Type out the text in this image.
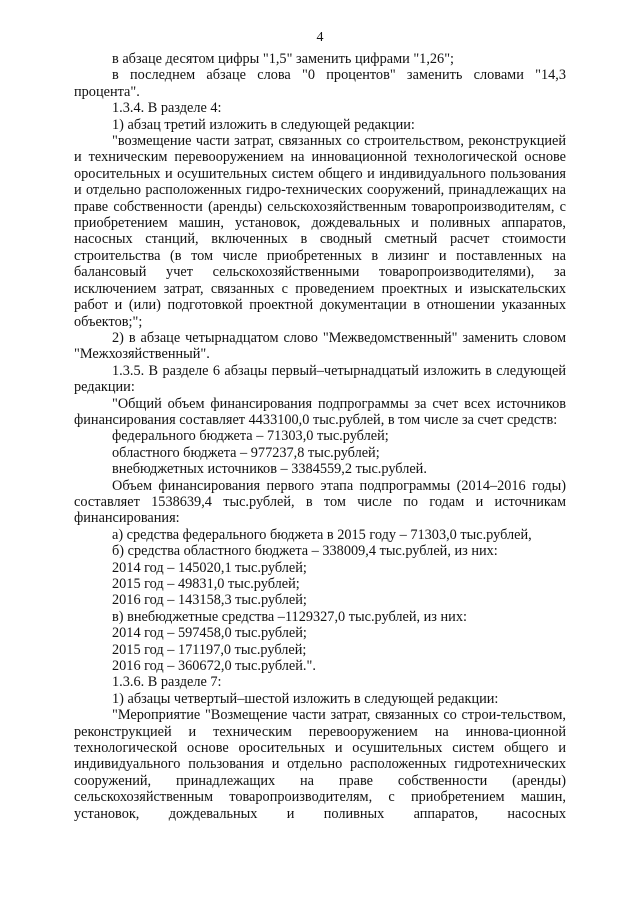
4

в абзаце десятом цифры "1,5" заменить цифрами "1,26";

в последнем абзаце слова "0 процентов" заменить словами "14,3 процента".

1.3.4. В разделе 4:

1) абзац третий изложить в следующей редакции:

"возмещение части затрат, связанных со строительством, реконструкцией и техническим перевооружением на инновационной технологической основе оросительных и осушительных систем общего и индивидуального пользования и отдельно расположенных гидро-технических сооружений, принадлежащих на праве собственности (аренды) сельскохозяйственным товаропроизводителям, с приобретением машин, установок, дождевальных и поливных аппаратов, насосных станций, включенных в сводный сметный расчет стоимости строительства (в том числе приобретенных в лизинг и поставленных на балансовый учет сельскохозяйственными товаропроизводителями), за исключением затрат, связанных с проведением проектных и изыскательских работ и (или) подготовкой проектной документации в отношении указанных объектов;";

2) в абзаце четырнадцатом слово "Межведомственный" заменить словом "Межхозяйственный".

1.3.5. В разделе 6 абзацы первый–четырнадцатый изложить в следующей редакции:

"Общий объем финансирования подпрограммы за счет всех источников финансирования составляет 4433100,0 тыс.рублей, в том числе за счет средств:

федерального бюджета – 71303,0 тыс.рублей;

областного бюджета – 977237,8 тыс.рублей;

внебюджетных источников – 3384559,2 тыс.рублей.

Объем финансирования первого этапа подпрограммы (2014–2016 годы) составляет 1538639,4 тыс.рублей, в том числе по годам и источникам финансирования:

а) средства федерального бюджета в 2015 году – 71303,0 тыс.рублей,

б) средства областного бюджета – 338009,4 тыс.рублей, из них:

2014 год – 145020,1 тыс.рублей;

2015 год – 49831,0 тыс.рублей;

2016 год – 143158,3 тыс.рублей;

в) внебюджетные средства –1129327,0 тыс.рублей, из них:

2014 год – 597458,0 тыс.рублей;

2015 год – 171197,0 тыс.рублей;

2016 год – 360672,0 тыс.рублей.".

1.3.6. В разделе 7:

1) абзацы четвертый–шестой изложить в следующей редакции:

"Мероприятие "Возмещение части затрат, связанных со строи-тельством, реконструкцией и техническим перевооружением на иннова-ционной технологической основе оросительных и осушительных систем общего и индивидуального пользования и отдельно расположенных гидротехнических сооружений, принадлежащих на праве собственности (аренды) сельскохозяйственным товаропроизводителям, с приобретением машин, установок, дождевальных и поливных аппаратов, насосных
